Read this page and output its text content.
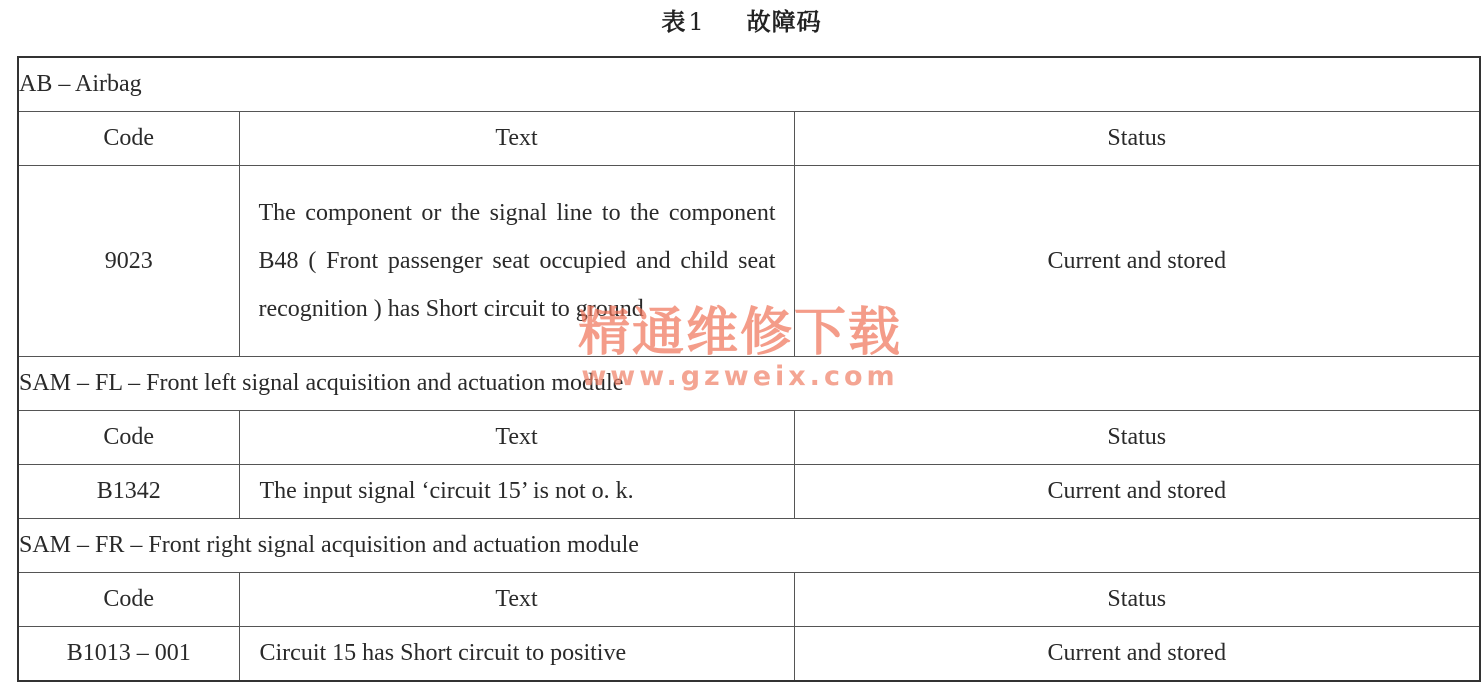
表1 故障码
AB – Airbag		
Code	Text	Status
9023	The component or the signal line to the component B48 ( Front passenger seat occupied and child seat recognition ) has Short circuit to ground	Current and stored
SAM – FL – Front left signal acquisition and actuation module		
Code	Text	Status
B1342	The input signal ‘circuit 15’ is not o. k.	Current and stored
SAM – FR – Front right signal acquisition and actuation module		
Code	Text	Status
B1013 – 001	Circuit 15 has Short circuit to positive	Current and stored
精通维修下载
www.gzweix.com
